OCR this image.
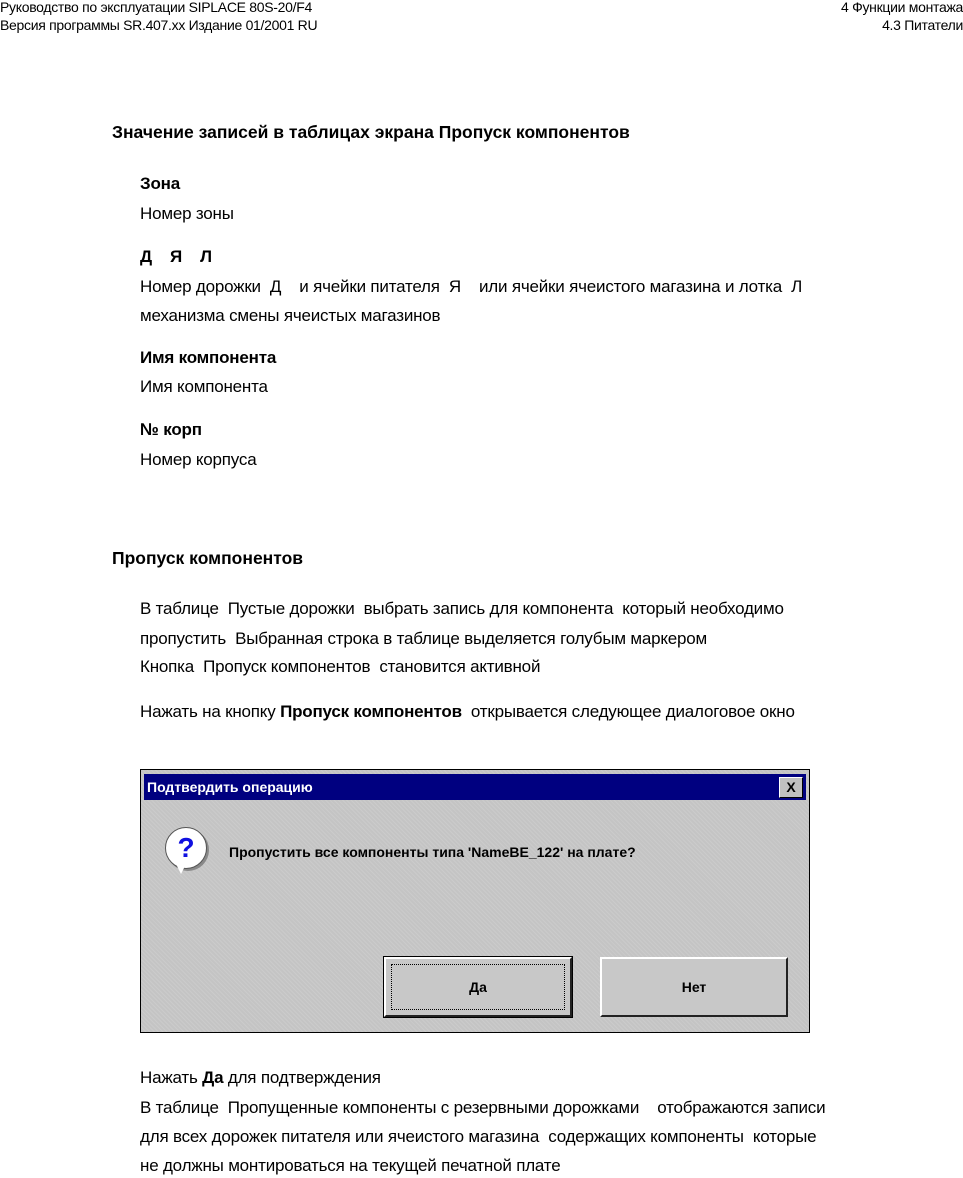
Руководство по эксплуатации SIPLACE 80S-20/F4
Версия программы SR.407.xx Издание 01/2001 RU
4 Функции монтажа
4.3 Питатели
Значение записей в таблицах экрана Пропуск компонентов
Зона
Номер зоны
Д    Я    Л
Номер дорожки  Д    и ячейки питателя  Я    или ячейки ячеистого магазина и лотка  Л
механизма смены ячеистых магазинов
Имя компонента
Имя компонента
№ корп
Номер корпуса
Пропуск компонентов
В таблице  Пустые дорожки  выбрать запись для компонента  который необходимо
пропустить  Выбранная строка в таблице выделяется голубым маркером
Кнопка  Пропуск компонентов  становится активной
Нажать на кнопку Пропуск компонентов  открывается следующее диалоговое окно
Подтвердить операцию	X
?	Пропустить все компоненты типа 'NameBE_122' на плате?
Да	Нет
Нажать Да для подтверждения
В таблице  Пропущенные компоненты с резервными дорожками    отображаются записи
для всех дорожек питателя или ячеистого магазина  содержащих компоненты  которые
не должны монтироваться на текущей печатной плате
